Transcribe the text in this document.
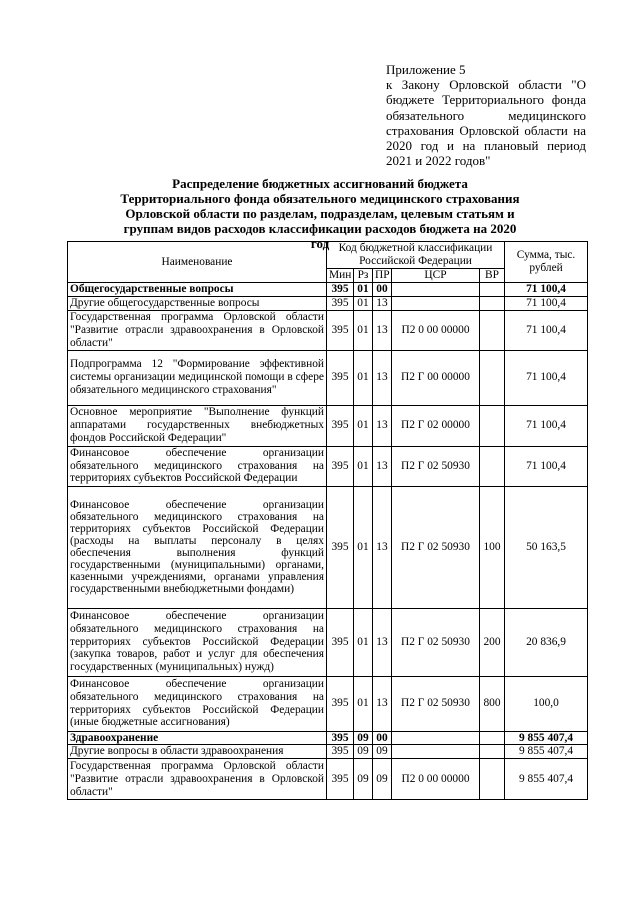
Приложение 5
к Закону Орловской области "О бюджете Территориального фонда обязательного медицинского страхования Орловской области на 2020 год и на плановый период 2021 и 2022 годов"
Распределение бюджетных ассигнований бюджета Территориального фонда обязательного медицинского страхования Орловской области по разделам, подразделам, целевым статьям и группам видов расходов классификации расходов бюджета на 2020 год
Наименование	Код бюджетной классификации Российской Федерации					Сумма, тыс. рублей
	Мин	Рз	ПР	ЦСР	ВР	
Общегосударственные вопросы	395	01	00			71 100,4
Другие общегосударственные вопросы	395	01	13			71 100,4
Государственная программа Орловской области "Развитие отрасли здравоохранения в Орловской области"	395	01	13	П2 0 00 00000		71 100,4
Подпрограмма 12 "Формирование эффективной системы организации медицинской помощи в сфере обязательного медицинского страхования"	395	01	13	П2 Г 00 00000		71 100,4
Основное мероприятие "Выполнение функций аппаратами государственных внебюджетных фондов Российской Федерации"	395	01	13	П2 Г 02 00000		71 100,4
Финансовое обеспечение организации обязательного медицинского страхования на территориях субъектов Российской Федерации	395	01	13	П2 Г 02 50930		71 100,4
Финансовое обеспечение организации обязательного медицинского страхования на территориях субъектов Российской Федерации (расходы на выплаты персоналу в целях обеспечения выполнения функций государственными (муниципальными) органами, казенными учреждениями, органами управления государственными внебюджетными фондами)	395	01	13	П2 Г 02 50930	100	50 163,5
Финансовое обеспечение организации обязательного медицинского страхования на территориях субъектов Российской Федерации (закупка товаров, работ и услуг для обеспечения государственных (муниципальных) нужд)	395	01	13	П2 Г 02 50930	200	20 836,9
Финансовое обеспечение организации обязательного медицинского страхования на территориях субъектов Российской Федерации (иные бюджетные ассигнования)	395	01	13	П2 Г 02 50930	800	100,0
Здравоохранение	395	09	00			9 855 407,4
Другие вопросы в области здравоохранения	395	09	09			9 855 407,4
Государственная программа Орловской области "Развитие отрасли здравоохранения в Орловской области"	395	09	09	П2 0 00 00000		9 855 407,4
